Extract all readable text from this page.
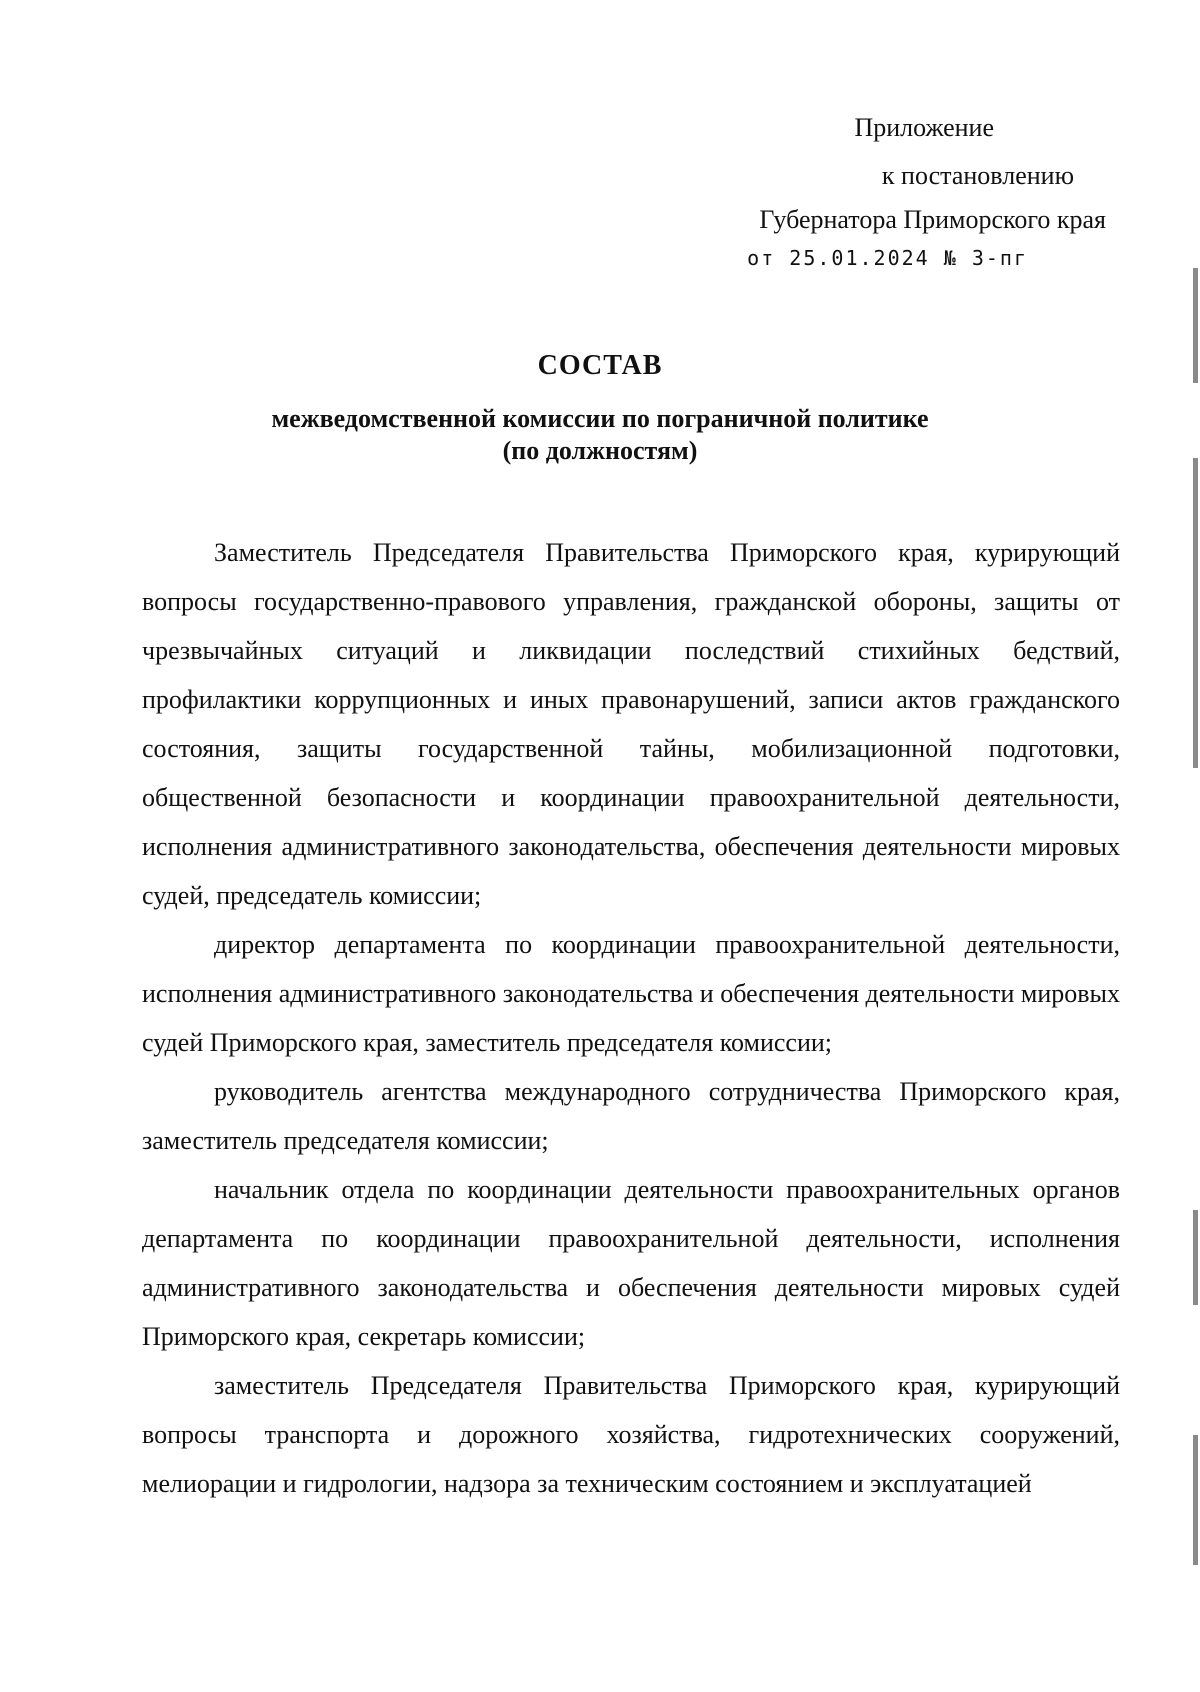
Приложение
к постановлению
Губернатора Приморского края
от 25.01.2024 № 3-пг
СОСТАВ
межведомственной комиссии по пограничной политике
(по должностям)

Заместитель Председателя Правительства Приморского края, курирующий вопросы государственно-правового управления, гражданской обороны, защиты от чрезвычайных ситуаций и ликвидации последствий стихийных бедствий, профилактики коррупционных и иных правонарушений, записи актов гражданского состояния, защиты государственной тайны, мобилизационной подготовки, общественной безопасности и координации правоохранительной деятельности, исполнения административного законодательства, обеспечения деятельности мировых судей, председатель комиссии;

директор департамента по координации правоохранительной деятельности, исполнения административного законодательства и обеспечения деятельности мировых судей Приморского края, заместитель председателя комиссии;

руководитель агентства международного сотрудничества Приморского края, заместитель председателя комиссии;

начальник отдела по координации деятельности правоохранительных органов департамента по координации правоохранительной деятельности, исполнения административного законодательства и обеспечения деятельности мировых судей Приморского края, секретарь комиссии;

заместитель Председателя Правительства Приморского края, курирующий вопросы транспорта и дорожного хозяйства, гидротехнических сооружений, мелиорации и гидрологии, надзора за техническим состоянием и эксплуатацией
